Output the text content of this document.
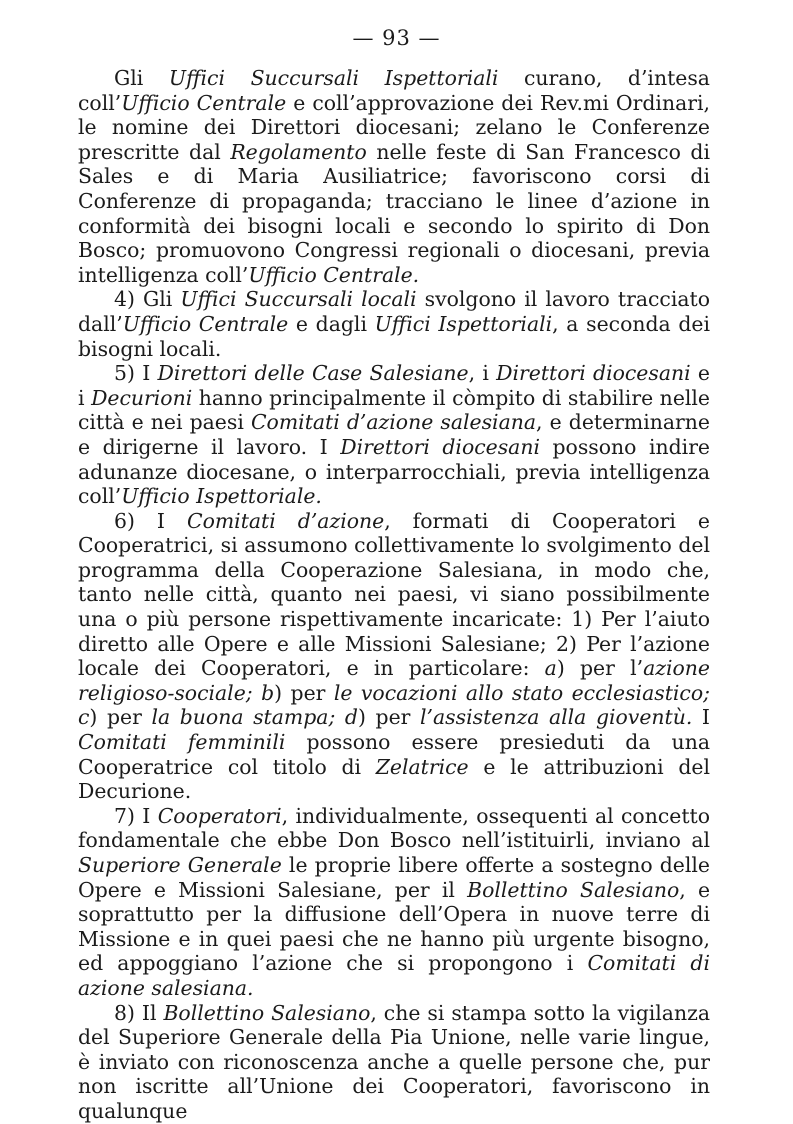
— 93 —

Gli Uffici Succursali Ispettoriali curano, d’intesa coll’Ufficio Centrale e coll’approvazione dei Rev.mi Ordinari, le nomine dei Direttori diocesani; zelano le Conferenze prescritte dal Regolamento nelle feste di San Francesco di Sales e di Maria Ausiliatrice; favoriscono corsi di Conferenze di propaganda; tracciano le linee d’azione in conformità dei bisogni locali e secondo lo spirito di Don Bosco; promuovono Congressi regionali o diocesani, previa intelligenza coll’Ufficio Centrale.

4) Gli Uffici Succursali locali svolgono il lavoro tracciato dall’Ufficio Centrale e dagli Uffici Ispettoriali, a seconda dei bisogni locali.

5) I Direttori delle Case Salesiane, i Direttori diocesani e i Decurioni hanno principalmente il còmpito di stabilire nelle città e nei paesi Comitati d’azione salesiana, e determinarne e dirigerne il lavoro. I Direttori diocesani possono indire adunanze diocesane, o interparrocchiali, previa intelligenza coll’Ufficio Ispettoriale.

6) I Comitati d’azione, formati di Cooperatori e Cooperatrici, si assumono collettivamente lo svolgimento del programma della Cooperazione Salesiana, in modo che, tanto nelle città, quanto nei paesi, vi siano possibilmente una o più persone rispettivamente incaricate: 1) Per l’aiuto diretto alle Opere e alle Missioni Salesiane; 2) Per l’azione locale dei Cooperatori, e in particolare: a) per l’azione religioso-sociale; b) per le vocazioni allo stato ecclesiastico; c) per la buona stampa; d) per l’assistenza alla gioventù. I Comitati femminili possono essere presieduti da una Cooperatrice col titolo di Zelatrice e le attribuzioni del Decurione.

7) I Cooperatori, individualmente, ossequenti al concetto fondamentale che ebbe Don Bosco nell’istituirli, inviano al Superiore Generale le proprie libere offerte a sostegno delle Opere e Missioni Salesiane, per il Bollettino Salesiano, e soprattutto per la diffusione dell’Opera in nuove terre di Missione e in quei paesi che ne hanno più urgente bisogno, ed appoggiano l’azione che si propongono i Comitati di azione salesiana.

8) Il Bollettino Salesiano, che si stampa sotto la vigilanza del Superiore Generale della Pia Unione, nelle varie lingue, è inviato con riconoscenza anche a quelle persone che, pur non iscritte all’Unione dei Cooperatori, favoriscono in qualunque
